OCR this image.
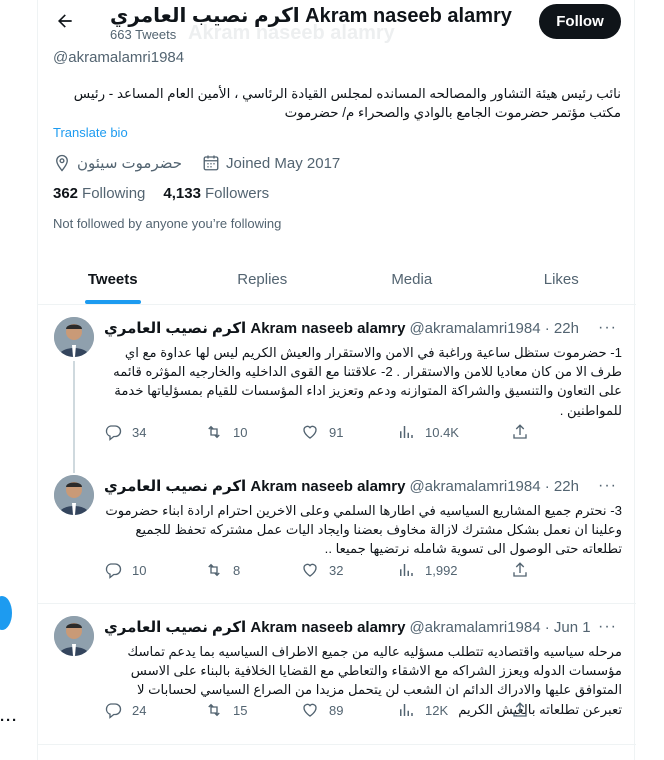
···
Akram naseeb alamry
اكرم نصيب العامري Akram naseeb alamry
663 Tweets
Follow
@akramalamri1984
نائب رئيس هيئة التشاور والمصالحه المسانده لمجلس القيادة الرئاسي ، الأمين العام المساعد - رئيس مكتب مؤتمر حضرموت الجامع بالوادي والصحراء م/ حضرموت
Translate bio
حضرموت سيئون	Joined May 2017
362 Following 4,133 Followers
Not followed by anyone you’re following
Tweets	Replies	Media	Likes
اكرم نصيب العامري Akram naseeb alamry @akramalamri1984 · 22h ···
1- حضرموت ستظل ساعية وراغبة في الامن والاستقرار والعيش الكريم ليس لها عداوة مع اي طرف الا من كان معاديا للامن والاستقرار . 2- علاقتنا مع القوى الداخليه والخارجيه المؤثره قائمه على التعاون والتنسيق والشراكة المتوازنه ودعم وتعزيز اداء المؤسسات للقيام بمسؤلياتها خدمة للمواطنين .
34	10	91	10.4K
اكرم نصيب العامري Akram naseeb alamry @akramalamri1984 · 22h ···
3- نحترم جميع المشاريع السياسيه في اطارها السلمي وعلى الاخرين احترام ارادة ابناء حضرموت وعلينا ان نعمل بشكل مشترك لازالة مخاوف بعضنا وايجاد اليات عمل مشتركه تحفظ للجميع تطلعاته حتى الوصول الى تسوية شامله نرتضيها جميعا ..
10	8	32	1,992
اكرم نصيب العامري Akram naseeb alamry @akramalamri1984 · Jun 1 ···
مرحله سياسيه واقتصاديه تتطلب مسؤليه عاليه من جميع الاطراف السياسيه بما يدعم تماسك مؤسسات الدوله ويعزز الشراكه مع الاشقاء والتعاطي مع القضايا الخلافية بالبناء على الاسس المتوافق عليها والادراك الدائم ان الشعب لن يتحمل مزيدا من الصراع السياسي لحسابات لا تعبرعن تطلعاته بالعيش الكريم
24	15	89	12K
